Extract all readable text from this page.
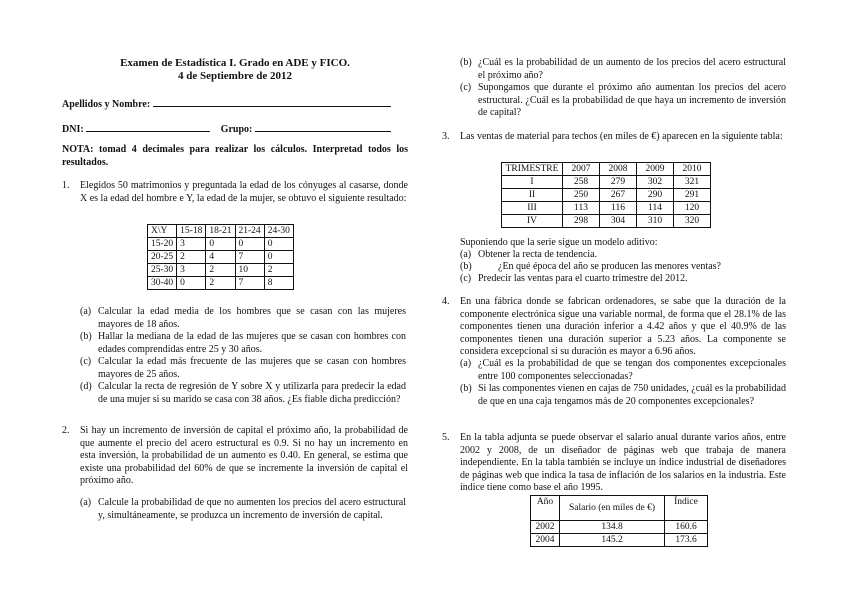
Examen de Estadística I. Grado en ADE y FICO.
4 de Septiembre de 2012
Apellidos y Nombre:
DNI:	Grupo:

NOTA: tomad 4 decimales para realizar los cálculos. Interpretad todos los resultados.

1. Elegidos 50 matrimonios y preguntada la edad de los cónyuges al casarse, donde X es la edad del hombre e Y, la edad de la mujer, se obtuvo el siguiente resultado:

X\Y	15-18	18-21	21-24	24-30
15-20	3	0	0	0
20-25	2	4	7	0
25-30	3	2	10	2
30-40	0	2	7	8
(a) Calcular la edad media de los hombres que se casan con las mujeres mayores de 18 años.

(b) Hallar la mediana de la edad de las mujeres que se casan con hombres con edades comprendidas entre 25 y 30 años.

(c) Calcular la edad más frecuente de las mujeres que se casan con hombres mayores de 25 años.

(d) Calcular la recta de regresión de Y sobre X y utilizarla para predecir la edad de una mujer si su marido se casa con 38 años. ¿Es fiable dicha predicción?

2. Si hay un incremento de inversión de capital el próximo año, la probabilidad de que aumente el precio del acero estructural es 0.9. Si no hay un incremento en esta inversión, la probabilidad de un aumento es 0.40. En general, se estima que existe una probabilidad del 60% de que se incremente la inversión de capital el próximo año.

(a) Calcule la probabilidad de que no aumenten los precios del acero estructural y, simultáneamente, se produzca un incremento de inversión de capital.

(b) ¿Cuál es la probabilidad de un aumento de los precios del acero estructural el próximo año?

(c) Supongamos que durante el próximo año aumentan los precios del acero estructural. ¿Cuál es la probabilidad de que haya un incremento de inversión de capital?

3. Las ventas de material para techos (en miles de €) aparecen en la siguiente tabla:

TRIMESTRE	2007	2008	2009	2010
I	258	279	302	321
II	250	267	290	291
III	113	116	114	120
IV	298	304	310	320

Suponiendo que la serie sigue un modelo aditivo:

(a) Obtener la recta de tendencia.

(b)	¿En qué época del año se producen las menores ventas?

(c) Predecir las ventas para el cuarto trimestre del 2012.

4. En una fábrica donde se fabrican ordenadores, se sabe que la duración de la componente electrónica sigue una variable normal, de forma que el 28.1% de las componentes tienen una duración inferior a 4.42 años y que el 40.9% de las componentes tienen una duración superior a 5.23 años. La componente se considera excepcional si su duración es mayor a 6.96 años.

(a) ¿Cuál es la probabilidad de que se tengan dos componentes excepcionales entre 100 componentes seleccionadas?

(b) Si las componentes vienen en cajas de 750 unidades, ¿cuál es la probabilidad de que en una caja tengamos más de 20 componentes excepcionales?

5. En la tabla adjunta se puede observar el salario anual durante varios años, entre 2002 y 2008, de un diseñador de páginas web que trabaja de manera independiente. En la tabla también se incluye un índice industrial de diseñadores de páginas web que indica la tasa de inflación de los salarios en la industria. Este índice tiene como base el año 1995.

Año	Salario (en miles de €)	Índice
2002	134.8	160.6
2004	145.2	173.6
